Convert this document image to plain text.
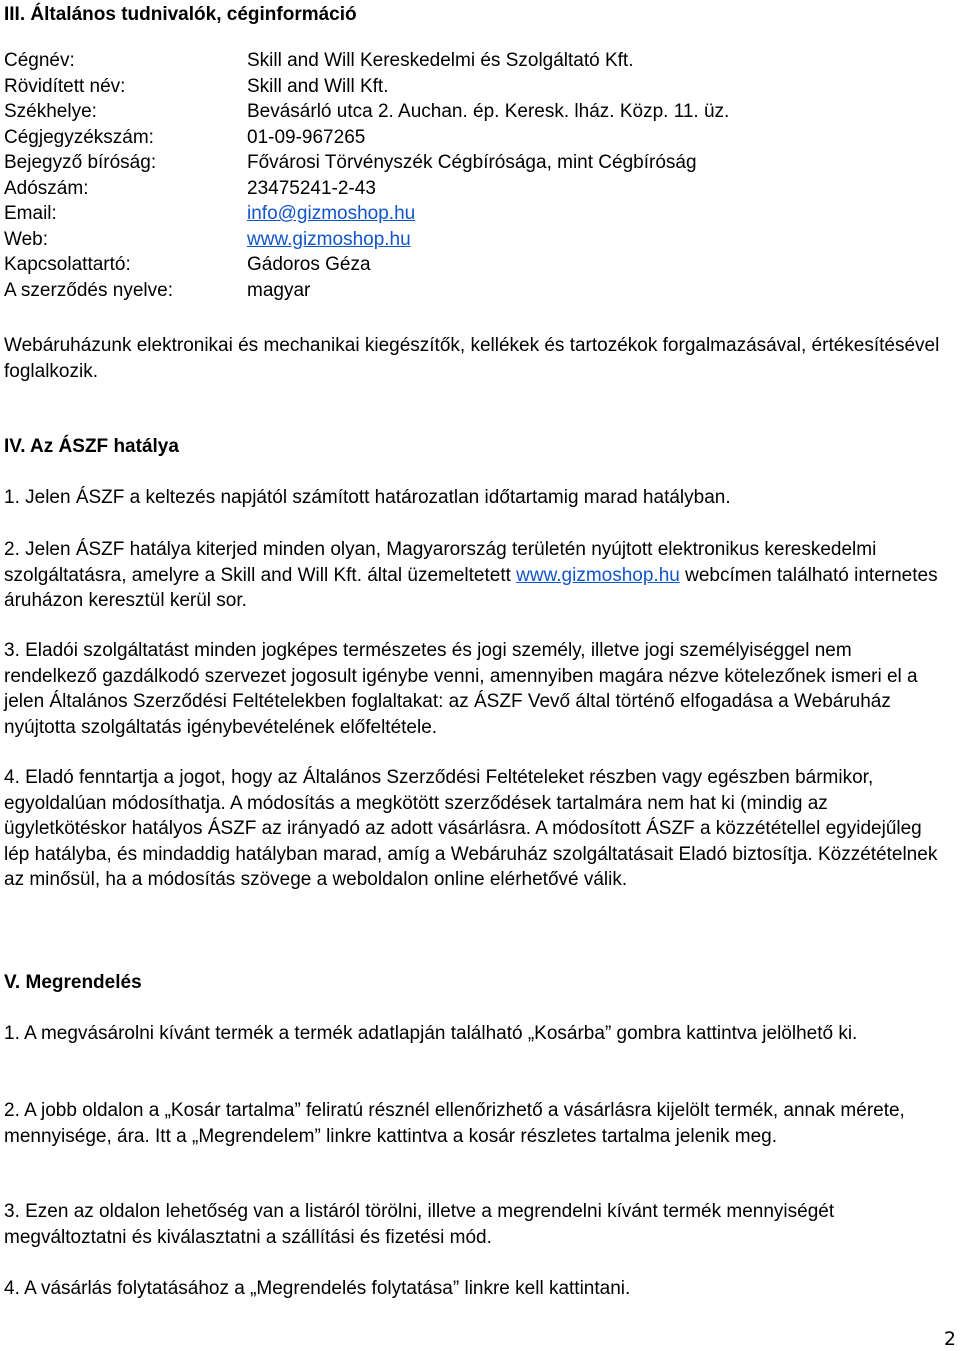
III. Általános tudnivalók, céginformáció
Cégnév:	Skill and Will Kereskedelmi és Szolgáltató Kft.
Rövidített név:	Skill and Will Kft.
Székhelye:	Bevásárló utca 2. Auchan. ép. Keresk. lház. Közp. 11. üz.
Cégjegyzékszám:	01-09-967265
Bejegyző bíróság:	Fővárosi Törvényszék Cégbírósága, mint Cégbíróság
Adószám:	23475241-2-43
Email:	info@gizmoshop.hu
Web:	www.gizmoshop.hu
Kapcsolattartó:	Gádoros Géza
A szerződés nyelve:	magyar

Webáruházunk elektronikai és mechanikai kiegészítők, kellékek és tartozékok forgalmazásával, értékesítésével foglalkozik.

IV. Az ÁSZF hatálya

1. Jelen ÁSZF a keltezés napjától számított határozatlan időtartamig marad hatályban.

2. Jelen ÁSZF hatálya kiterjed minden olyan, Magyarország területén nyújtott elektronikus kereskedelmi szolgáltatásra, amelyre a Skill and Will Kft. által üzemeltetett www.gizmoshop.hu webcímen található internetes áruházon keresztül kerül sor.

3. Eladói szolgáltatást minden jogképes természetes és jogi személy, illetve jogi személyiséggel nem rendelkező gazdálkodó szervezet jogosult igénybe venni, amennyiben magára nézve kötelezőnek ismeri el a jelen Általános Szerződési Feltételekben foglaltakat: az ÁSZF Vevő által történő elfogadása a Webáruház nyújtotta szolgáltatás igénybevételének előfeltétele.

4. Eladó fenntartja a jogot, hogy az Általános Szerződési Feltételeket részben vagy egészben bármikor, egyoldalúan módosíthatja. A módosítás a megkötött szerződések tartalmára nem hat ki (mindig az ügyletkötéskor hatályos ÁSZF az irányadó az adott vásárlásra. A módosított ÁSZF a közzététellel egyidejűleg lép hatályba, és mindaddig hatályban marad, amíg a Webáruház szolgáltatásait Eladó biztosítja. Közzétételnek az minősül, ha a módosítás szövege a weboldalon online elérhetővé válik.

V. Megrendelés

1. A megvásárolni kívánt termék a termék adatlapján található „Kosárba” gombra kattintva jelölhető ki.

2. A jobb oldalon a „Kosár tartalma” feliratú résznél ellenőrizhető a vásárlásra kijelölt termék, annak mérete, mennyisége, ára. Itt a „Megrendelem” linkre kattintva a kosár részletes tartalma jelenik meg.

3. Ezen az oldalon lehetőség van a listáról törölni, illetve a megrendelni kívánt termék mennyiségét megváltoztatni és kiválasztatni a szállítási és fizetési mód.

4. A vásárlás folytatásához a „Megrendelés folytatása” linkre kell kattintani.

2
